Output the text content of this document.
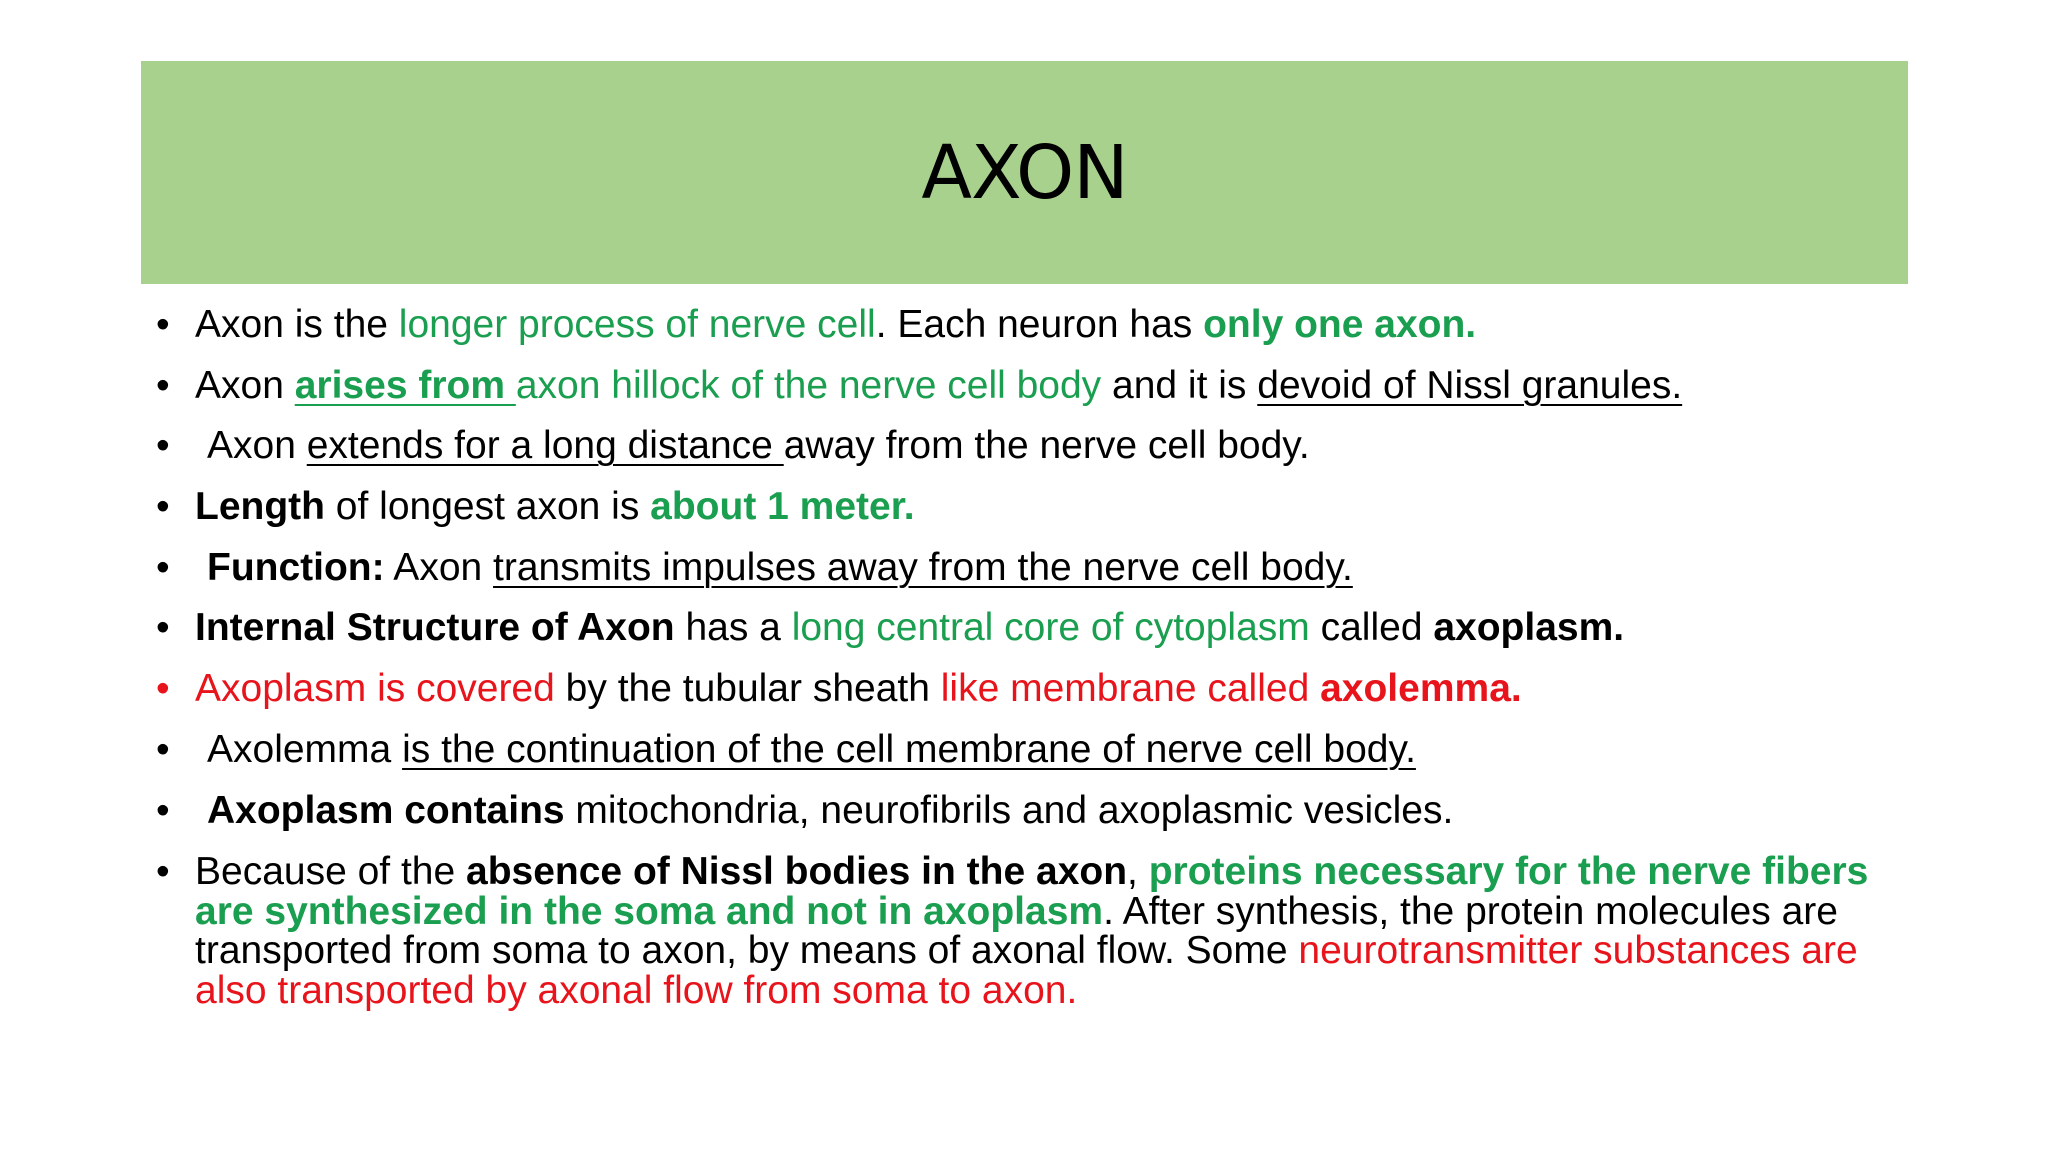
AXON
• Axon is the longer process of nerve cell. Each neuron has only one axon.
• Axon arises from axon hillock of the nerve cell body and it is devoid of Nissl granules.
• Axon extends for a long distance away from the nerve cell body.
• Length of longest axon is about 1 meter.
• Function: Axon transmits impulses away from the nerve cell body.
• Internal Structure of Axon has a long central core of cytoplasm called axoplasm.
• Axoplasm is covered by the tubular sheath like membrane called axolemma.
• Axolemma is the continuation of the cell membrane of nerve cell body.
• Axoplasm contains mitochondria, neurofibrils and axoplasmic vesicles.
• Because of the absence of Nissl bodies in the axon, proteins necessary for the nerve fibers are synthesized in the soma and not in axoplasm. After synthesis, the protein molecules are transported from soma to axon, by means of axonal flow. Some neurotransmitter substances are also transported by axonal flow from soma to axon.
